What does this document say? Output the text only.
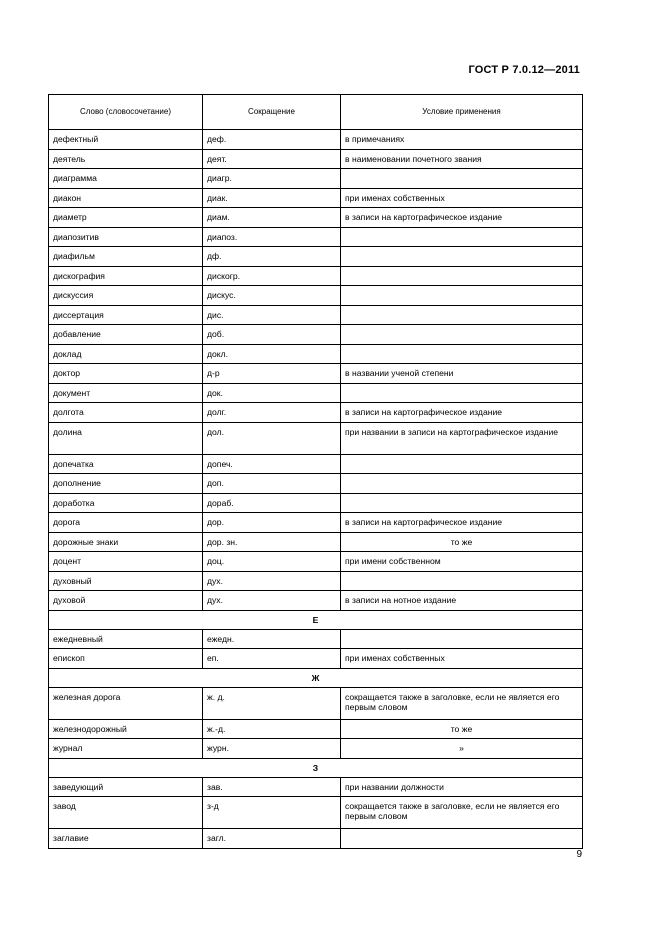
ГОСТ Р 7.0.12—2011
Слово (словосочетание)	Сокращение	Условие применения
дефектный	деф.	в примечаниях
деятель	деят.	в наименовании почетного звания
диаграмма	диагр.	
диакон	диак.	при именах собственных
диаметр	диам.	в записи на картографическое издание
диапозитив	диапоз.	
диафильм	дф.	
дискография	дискогр.	
дискуссия	дискус.	
диссертация	дис.	
добавление	доб.	
доклад	докл.	
доктор	д-р	в названии ученой степени
документ	док.	
долгота	долг.	в записи на картографическое издание
долина	дол.	при названии в записи на картографическое издание
допечатка	допеч.	
дополнение	доп.	
доработка	дораб.	
дорога	дор.	в записи на картографическое издание
дорожные знаки	дор. зн.	то же
доцент	доц.	при имени собственном
духовный	дух.	
духовой	дух.	в записи на нотное издание
Е		
ежедневный	ежедн.	
епископ	еп.	при именах собственных
Ж		
железная дорога	ж. д.	сокращается также в заголовке, если не является его первым словом
железнодорожный	ж.-д.	то же
журнал	журн.	»
З		
заведующий	зав.	при названии должности
завод	з-д	сокращается также в заголовке, если не является его первым словом
заглавие	загл.	
9
